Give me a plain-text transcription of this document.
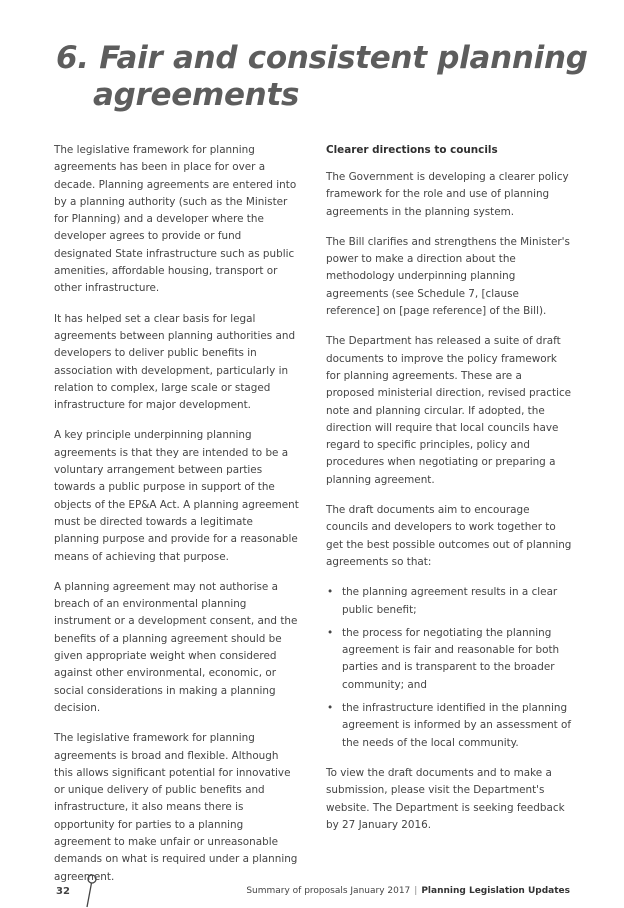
6. Fair and consistent planning
agreements

The legislative framework for planning agreements has been in place for over a decade. Planning agreements are entered into by a planning authority (such as the Minister for Planning) and a developer where the developer agrees to provide or fund designated State infrastructure such as public amenities, affordable housing, transport or other infrastructure.

It has helped set a clear basis for legal agreements between planning authorities and developers to deliver public benefits in association with development, particularly in relation to complex, large scale or staged infrastructure for major development.

A key principle underpinning planning agreements is that they are intended to be a voluntary arrangement between parties towards a public purpose in support of the objects of the EP&A Act. A planning agreement must be directed towards a legitimate planning purpose and provide for a reasonable means of achieving that purpose.

A planning agreement may not authorise a breach of an environmental planning instrument or a development consent, and the benefits of a planning agreement should be given appropriate weight when considered against other environmental, economic, or social considerations in making a planning decision.

The legislative framework for planning agreements is broad and flexible. Although this allows significant potential for innovative or unique delivery of public benefits and infrastructure, it also means there is opportunity for parties to a planning agreement to make unfair or unreasonable demands on what is required under a planning agreement.

Clearer directions to councils

The Government is developing a clearer policy framework for the role and use of planning agreements in the planning system.

The Bill clarifies and strengthens the Minister's power to make a direction about the methodology underpinning planning agreements (see Schedule 7, [clause reference] on [page reference] of the Bill).

The Department has released a suite of draft documents to improve the policy framework for planning agreements. These are a proposed ministerial direction, revised practice note and planning circular. If adopted, the direction will require that local councils have regard to specific principles, policy and procedures when negotiating or preparing a planning agreement.

The draft documents aim to encourage councils and developers to work together to get the best possible outcomes out of planning agreements so that:

• the planning agreement results in a clear public benefit;
• the process for negotiating the planning agreement is fair and reasonable for both parties and is transparent to the broader community; and
• the infrastructure identified in the planning agreement is informed by an assessment of the needs of the local community.

To view the draft documents and to make a submission, please visit the Department's website. The Department is seeking feedback by 27 January 2016.

32	Summary of proposals January 2017 | Planning Legislation Updates
